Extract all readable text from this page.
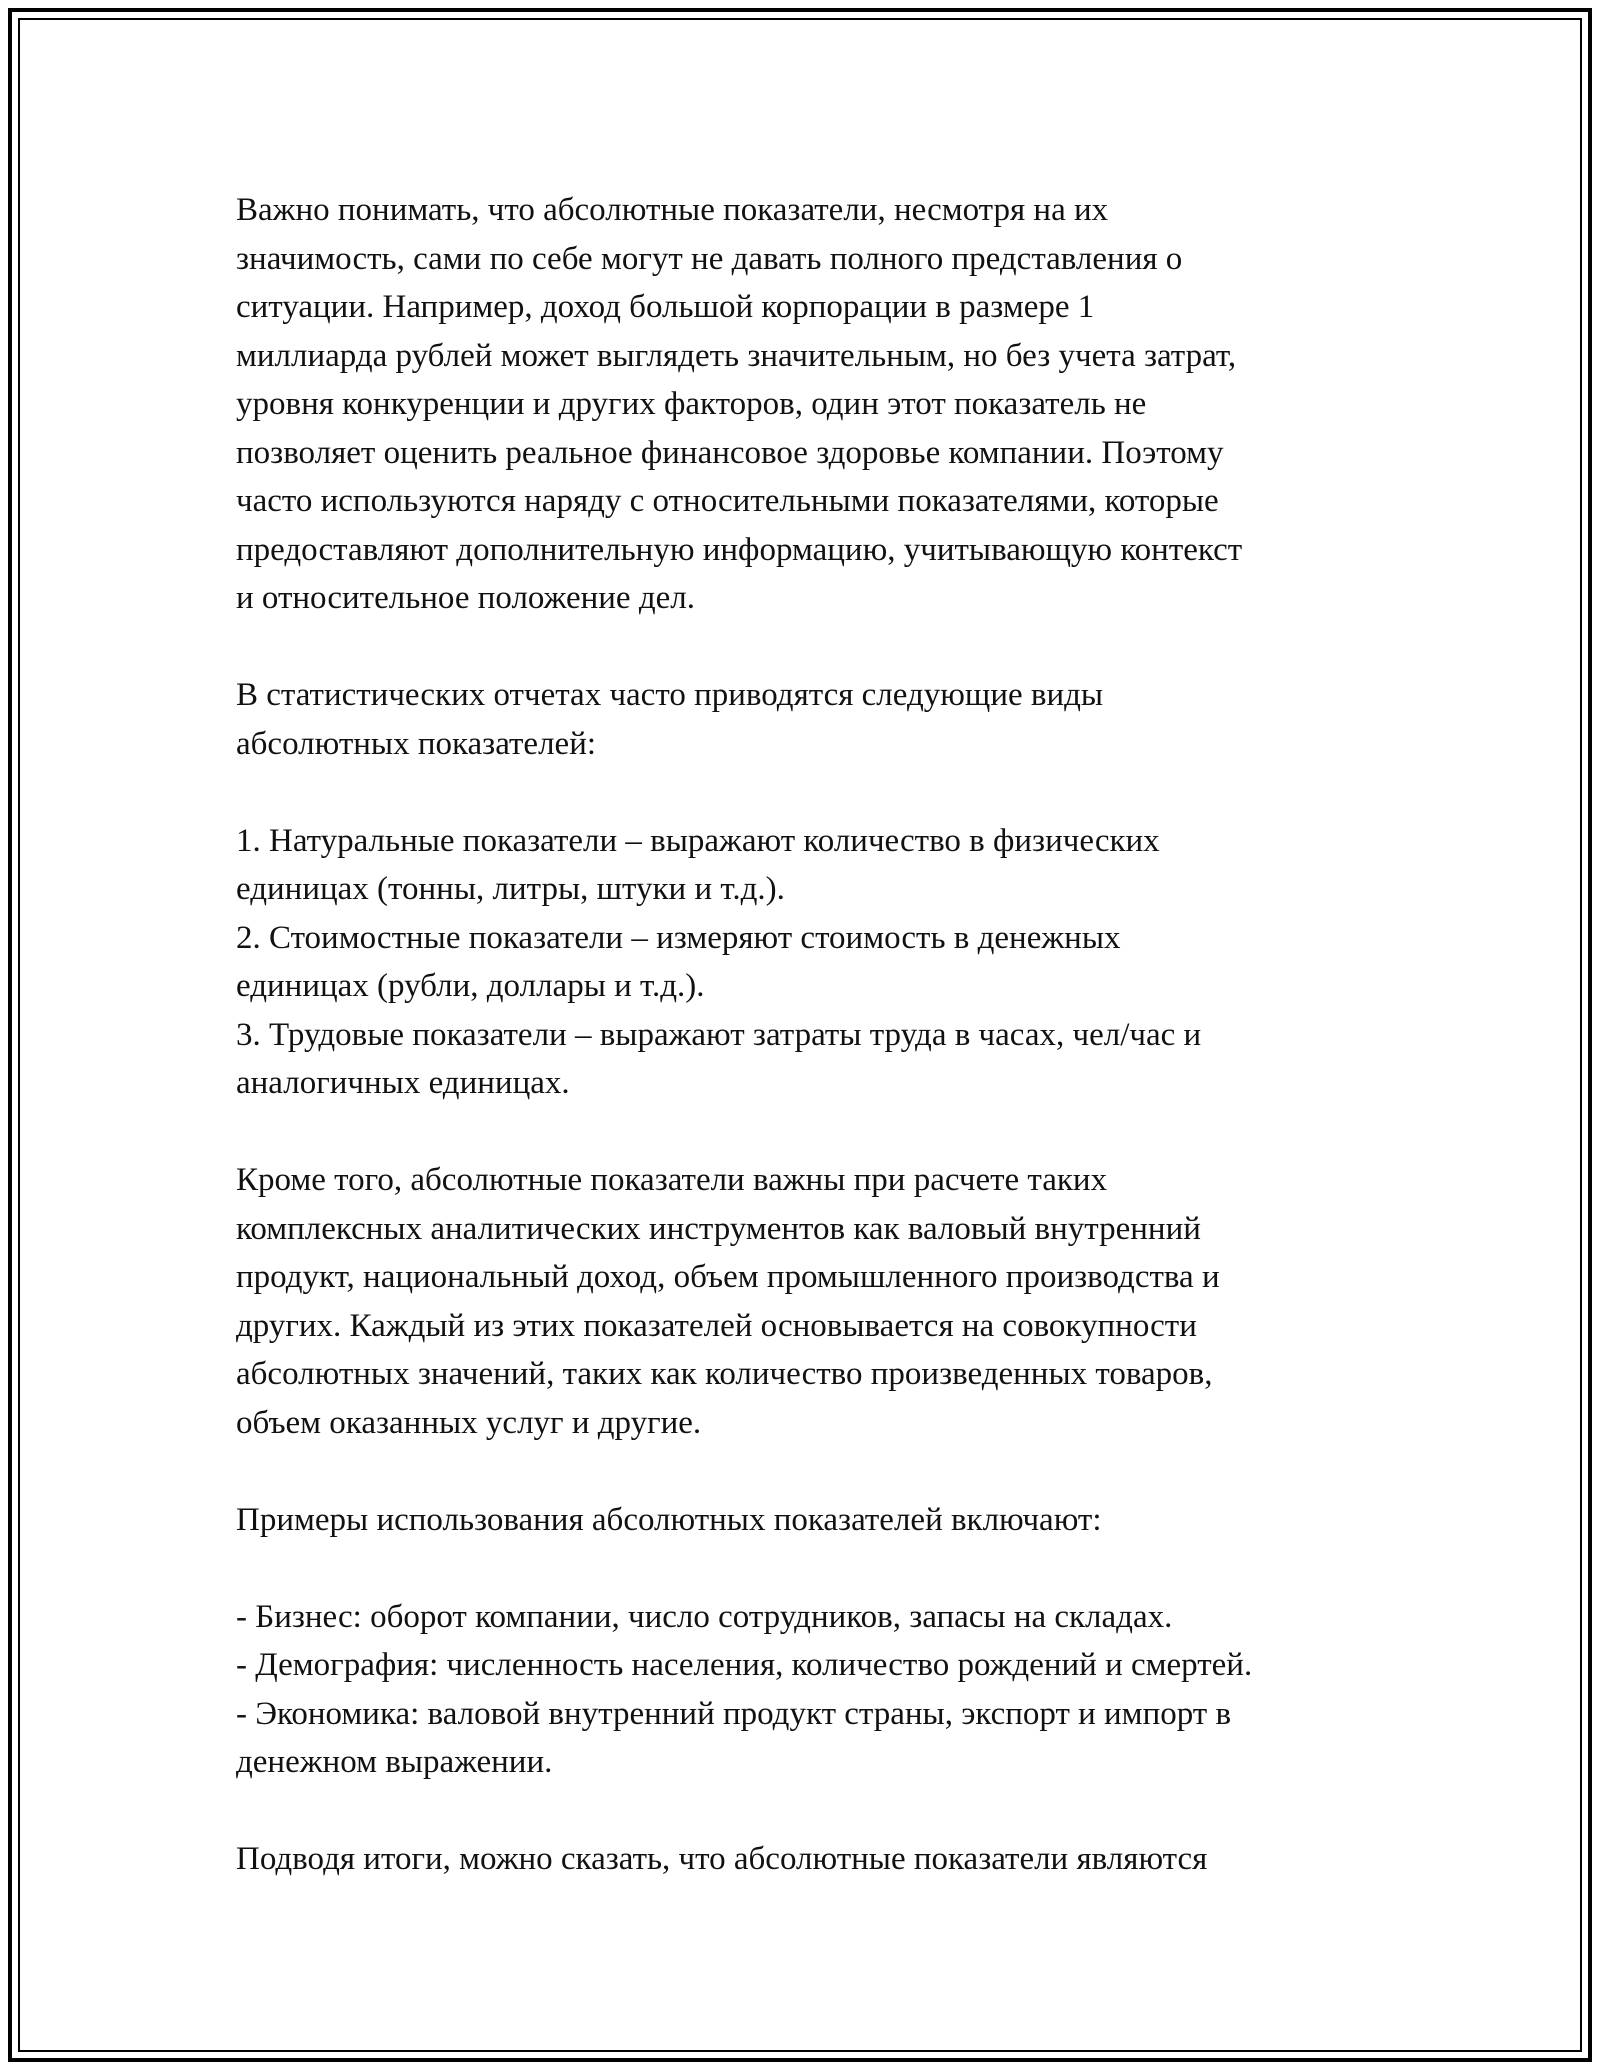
Важно понимать, что абсолютные показатели, несмотря на их
значимость, сами по себе могут не давать полного представления о
ситуации. Например, доход большой корпорации в размере 1
миллиарда рублей может выглядеть значительным, но без учета затрат,
уровня конкуренции и других факторов, один этот показатель не
позволяет оценить реальное финансовое здоровье компании. Поэтому
часто используются наряду с относительными показателями, которые
предоставляют дополнительную информацию, учитывающую контекст
и относительное положение дел.

В статистических отчетах часто приводятся следующие виды
абсолютных показателей:

1. Натуральные показатели – выражают количество в физических
единицах (тонны, литры, штуки и т.д.).
2. Стоимостные показатели – измеряют стоимость в денежных
единицах (рубли, доллары и т.д.).
3. Трудовые показатели – выражают затраты труда в часах, чел/час и
аналогичных единицах.

Кроме того, абсолютные показатели важны при расчете таких
комплексных аналитических инструментов как валовый внутренний
продукт, национальный доход, объем промышленного производства и
других. Каждый из этих показателей основывается на совокупности
абсолютных значений, таких как количество произведенных товаров,
объем оказанных услуг и другие.

Примеры использования абсолютных показателей включают:

- Бизнес: оборот компании, число сотрудников, запасы на складах.
- Демография: численность населения, количество рождений и смертей.
- Экономика: валовой внутренний продукт страны, экспорт и импорт в
денежном выражении.

Подводя итоги, можно сказать, что абсолютные показатели являются
